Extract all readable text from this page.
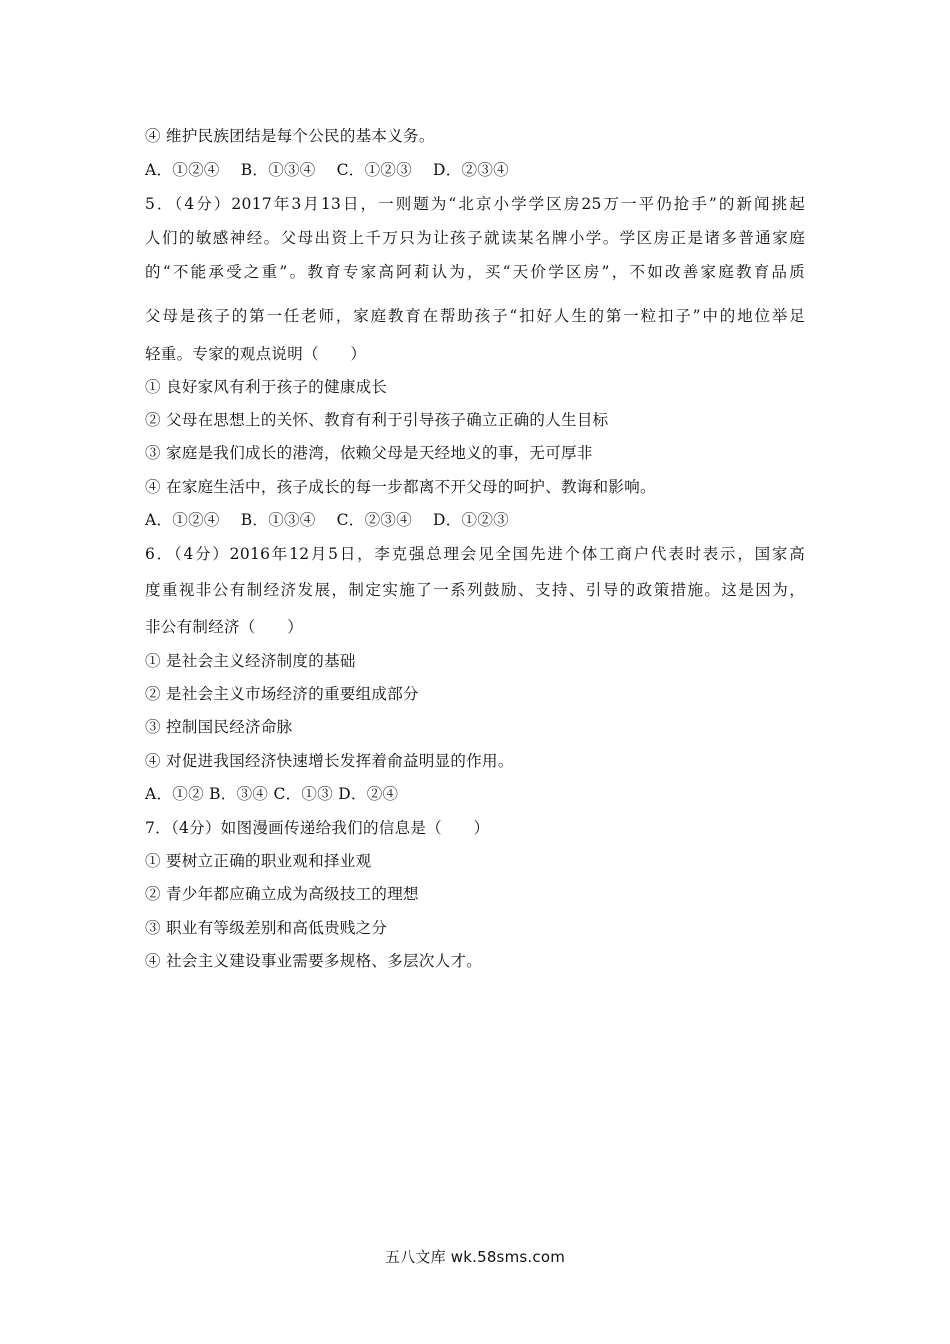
④ 维护民族团结是每个公民的基本义务。
A．①②④　 B．①③④　 C．①②③　 D．②③④
5．（4分）2017年3月13日，一则题为“北京小学学区房25万一平仍抢手”的新闻挑起
人们的敏感神经。父母出资上千万只为让孩子就读某名牌小学。学区房正是诸多普通家庭
的“不能承受之重”。教育专家高阿莉认为，买“天价学区房”，不如改善家庭教育品质
父母是孩子的第一任老师，家庭教育在帮助孩子“扣好人生的第一粒扣子”中的地位举足
轻重。专家的观点说明（　　）
① 良好家风有利于孩子的健康成长
② 父母在思想上的关怀、教育有利于引导孩子确立正确的人生目标
③ 家庭是我们成长的港湾，依赖父母是天经地义的事，无可厚非
④ 在家庭生活中，孩子成长的每一步都离不开父母的呵护、教诲和影响。
A．①②④　 B．①③④　 C．②③④　 D．①②③
6．（4分）2016年12月5日，李克强总理会见全国先进个体工商户代表时表示，国家高
度重视非公有制经济发展，制定实施了一系列鼓励、支持、引导的政策措施。这是因为，
非公有制经济（　　）
① 是社会主义经济制度的基础
② 是社会主义市场经济的重要组成部分
③ 控制国民经济命脉
④ 对促进我国经济快速增长发挥着俞益明显的作用。
A．①② B．③④ C．①③ D．②④
7．（4分）如图漫画传递给我们的信息是（　　）
① 要树立正确的职业观和择业观
② 青少年都应确立成为高级技工的理想
③ 职业有等级差别和高低贵贱之分
④ 社会主义建设事业需要多规格、多层次人才。
五八文库 wk.58sms.com
